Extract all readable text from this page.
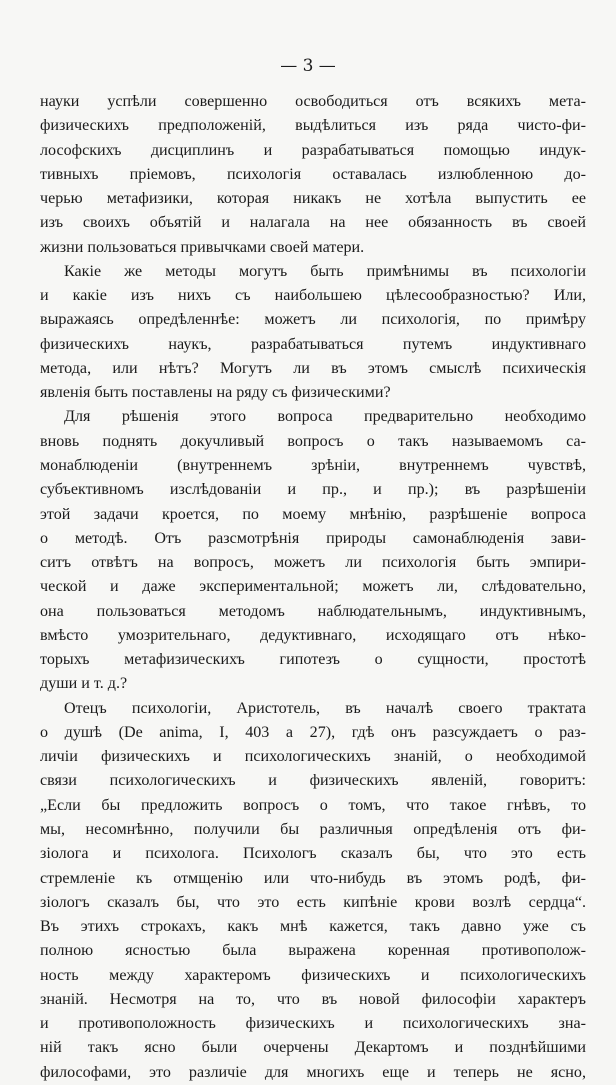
— 3 —
науки успѣли совершенно освободиться отъ всякихъ мета-
физическихъ предположеній, выдѣлиться изъ ряда чисто-фи-
лософскихъ дисциплинъ и разрабатываться помощью индук-
тивныхъ пріемовъ, психологія оставалась излюбленною до-
черью метафизики, которая никакъ не хотѣла выпустить ее
изъ своихъ объятій и налагала на нее обязанность въ своей
жизни пользоваться привычками своей матери.
Какіе же методы могутъ быть примѣнимы въ психологіи
и какіе изъ нихъ съ наибольшею цѣлесообразностью? Или,
выражаясь опредѣленнѣе: можетъ ли психологія, по примѣру
физическихъ наукъ, разрабатываться путемъ индуктивнаго
метода, или нѣтъ? Могутъ ли въ этомъ смыслѣ психическія
явленія быть поставлены на ряду съ физическими?
Для рѣшенія этого вопроса предварительно необходимо
вновь поднять докучливый вопросъ о такъ называемомъ са-
монаблюденіи (внутреннемъ зрѣніи, внутреннемъ чувствѣ,
субъективномъ изслѣдованіи и пр., и пр.); въ разрѣшеніи
этой задачи кроется, по моему мнѣнію, разрѣшеніе вопроса
о методѣ. Отъ разсмотрѣнія природы самонаблюденія зави-
ситъ отвѣтъ на вопросъ, можетъ ли психологія быть эмпири-
ческой и даже экспериментальной; можетъ ли, слѣдовательно,
она пользоваться методомъ наблюдательнымъ, индуктивнымъ,
вмѣсто умозрительнаго, дедуктивнаго, исходящаго отъ нѣко-
торыхъ метафизическихъ гипотезъ о сущности, простотѣ
души и т. д.?
Отецъ психологіи, Аристотель, въ началѣ своего трактата
о душѣ (De anima, I, 403 a 27), гдѣ онъ разсуждаетъ о раз-
личіи физическихъ и психологическихъ знаній, о необходимой
связи психологическихъ и физическихъ явленій, говоритъ:
„Если бы предложить вопросъ о томъ, что такое гнѣвъ, то
мы, несомнѣнно, получили бы различныя опредѣленія отъ фи-
зіолога и психолога. Психологъ сказалъ бы, что это есть
стремленіе къ отмщенію или что-нибудь въ этомъ родѣ, фи-
зіологъ сказалъ бы, что это есть кипѣніе крови возлѣ сердца“.
Въ этихъ строкахъ, какъ мнѣ кажется, такъ давно уже съ
полною ясностью была выражена коренная противополож-
ность между характеромъ физическихъ и психологическихъ
знаній. Несмотря на то, что въ новой философіи характеръ
и противоположность физическихъ и психологическихъ зна-
ній такъ ясно были очерчены Декартомъ и позднѣйшими
философами, это различіе для многихъ еще и теперь не ясно,
